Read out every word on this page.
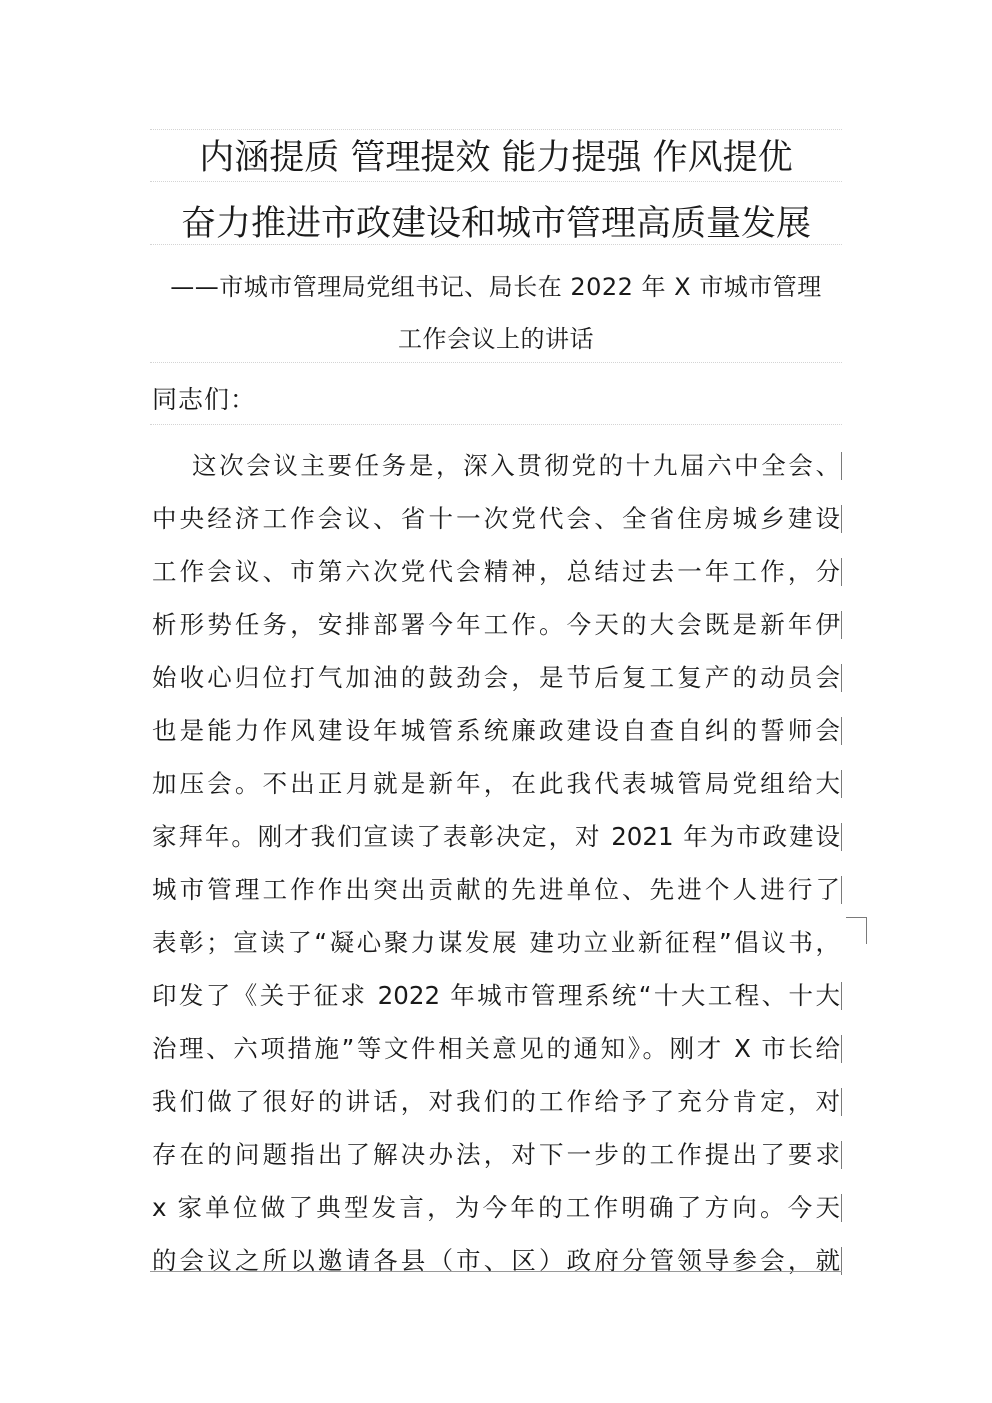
内涵提质 管理提效 能力提强 作风提优
奋力推进市政建设和城市管理高质量发展
——市城市管理局党组书记、局长在 2022 年 X 市城市管理
工作会议上的讲话
同志们：
这次会议主要任务是，深入贯彻党的十九届六中全会、
中央经济工作会议、省十一次党代会、全省住房城乡建设
工作会议、市第六次党代会精神，总结过去一年工作，分
析形势任务，安排部署今年工作。今天的大会既是新年伊
始收心归位打气加油的鼓劲会，是节后复工复产的动员会
也是能力作风建设年城管系统廉政建设自查自纠的誓师会
加压会。不出正月就是新年，在此我代表城管局党组给大
家拜年。刚才我们宣读了表彰决定，对 2021 年为市政建设
城市管理工作作出突出贡献的先进单位、先进个人进行了
表彰；宣读了“凝心聚力谋发展 建功立业新征程”倡议书，
印发了《关于征求 2022 年城市管理系统“十大工程、十大
治理、六项措施”等文件相关意见的通知》。刚才 X 市长给
我们做了很好的讲话，对我们的工作给予了充分肯定，对
存在的问题指出了解决办法，对下一步的工作提出了要求
x 家单位做了典型发言，为今年的工作明确了方向。今天
的会议之所以邀请各县（市、区）政府分管领导参会，就
